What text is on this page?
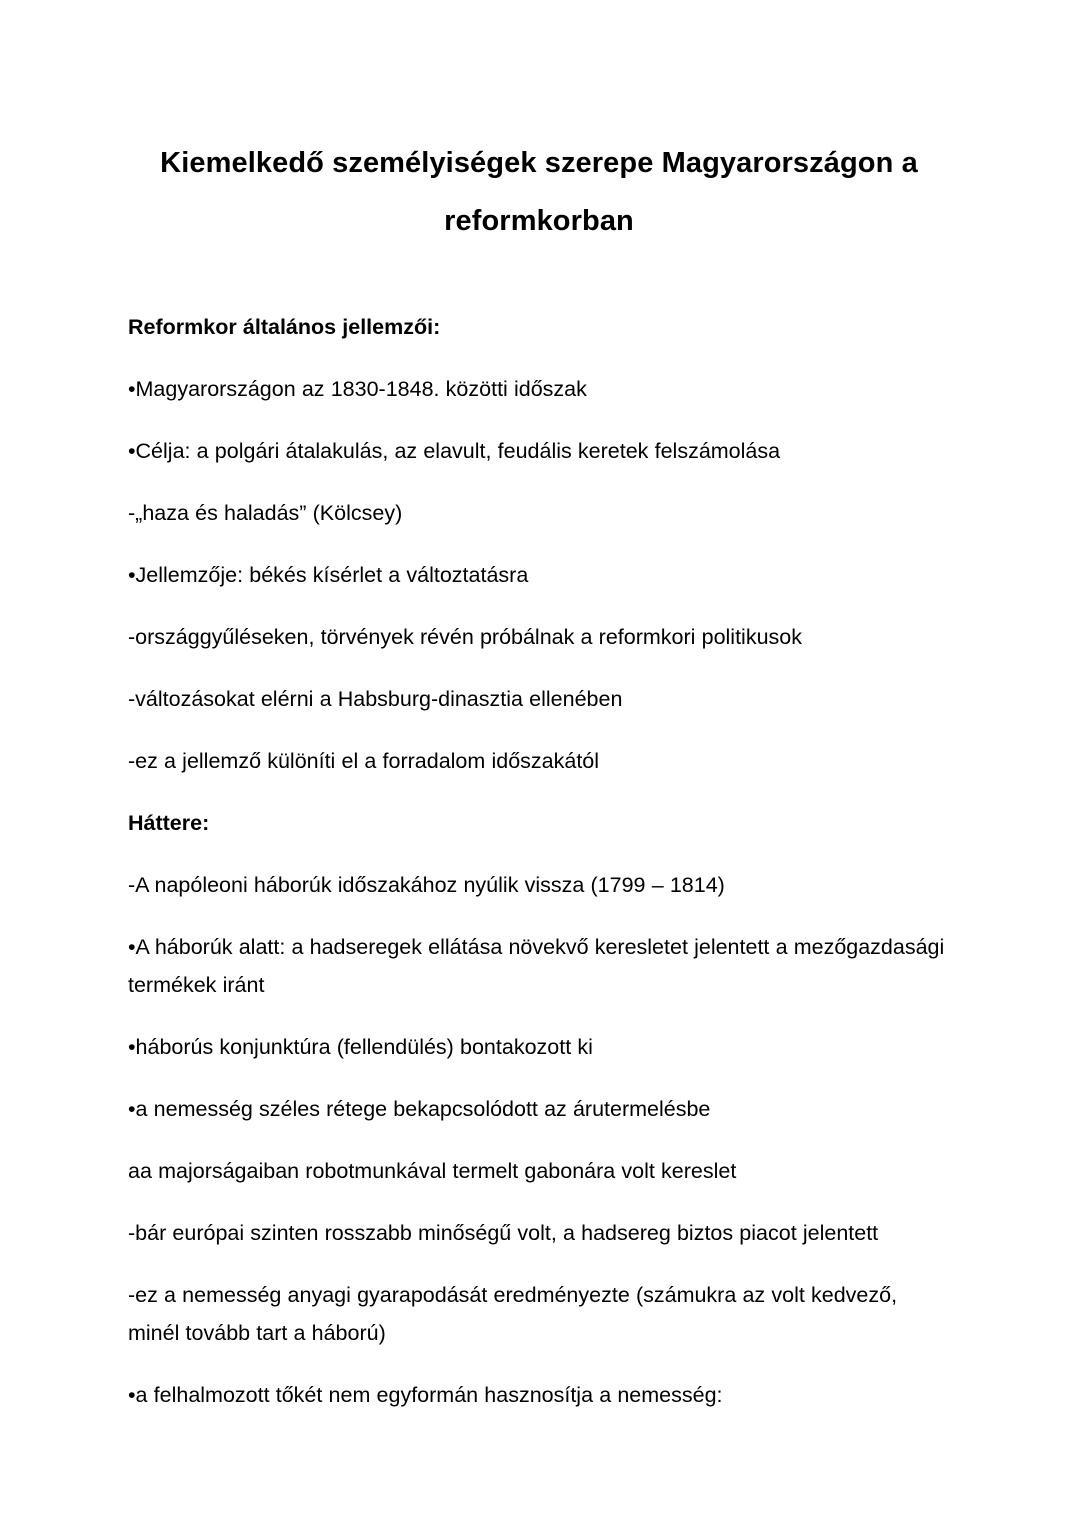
Kiemelkedő személyiségek szerepe Magyarországon a reformkorban

Reformkor általános jellemzői:

•Magyarországon az 1830-1848. közötti időszak

•Célja: a polgári átalakulás, az elavult, feudális keretek felszámolása

-„haza és haladás” (Kölcsey)

•Jellemzője: békés kísérlet a változtatásra

-országgyűléseken, törvények révén próbálnak a reformkori politikusok

-változásokat elérni a Habsburg-dinasztia ellenében

-ez a jellemző különíti el a forradalom időszakától

Háttere:

-A napóleoni háborúk időszakához nyúlik vissza (1799 – 1814)

•A háborúk alatt: a hadseregek ellátása növekvő keresletet jelentett a mezőgazdasági termékek iránt

•háborús konjunktúra (fellendülés) bontakozott ki

•a nemesség széles rétege bekapcsolódott az árutermelésbe

aa majorságaiban robotmunkával termelt gabonára volt kereslet

-bár európai szinten rosszabb minőségű volt, a hadsereg biztos piacot jelentett

-ez a nemesség anyagi gyarapodását eredményezte (számukra az volt kedvező, minél tovább tart a háború)

•a felhalmozott tőkét nem egyformán hasznosítja a nemesség:
